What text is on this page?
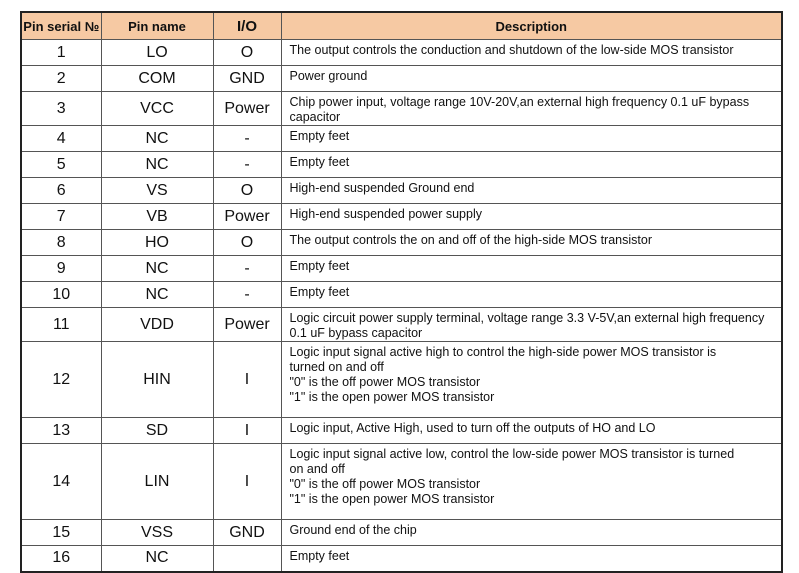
Pin serial №	Pin name	I/O	Description
1	LO	O	The output controls the conduction and shutdown of the low-side MOS transistor

2	COM	GND	Power ground

3	VCC	Power	Chip power input, voltage range 10V-20V,an external high frequency 0.1 uF bypass
capacitor

4	NC	-	Empty feet

5	NC	-	Empty feet

6	VS	O	High-end suspended Ground end

7	VB	Power	High-end suspended power supply

8	HO	O	The output controls the on and off of the high-side MOS transistor

9	NC	-	Empty feet

10	NC	-	Empty feet

11	VDD	Power	Logic circuit power supply terminal, voltage range 3.3 V-5V,an external high frequency
0.1 uF bypass capacitor

12	HIN	I	Logic input signal active high to control the high-side power MOS transistor is
turned on and off
"0" is the off power MOS transistor
"1" is the open power MOS transistor

13	SD	I	Logic input, Active High, used to turn off the outputs of HO and LO

14	LIN	I	Logic input signal active low, control the low-side power MOS transistor is turned
on and off
"0" is the off power MOS transistor
"1" is the open power MOS transistor

15	VSS	GND	Ground end of the chip

16	NC		Empty feet
